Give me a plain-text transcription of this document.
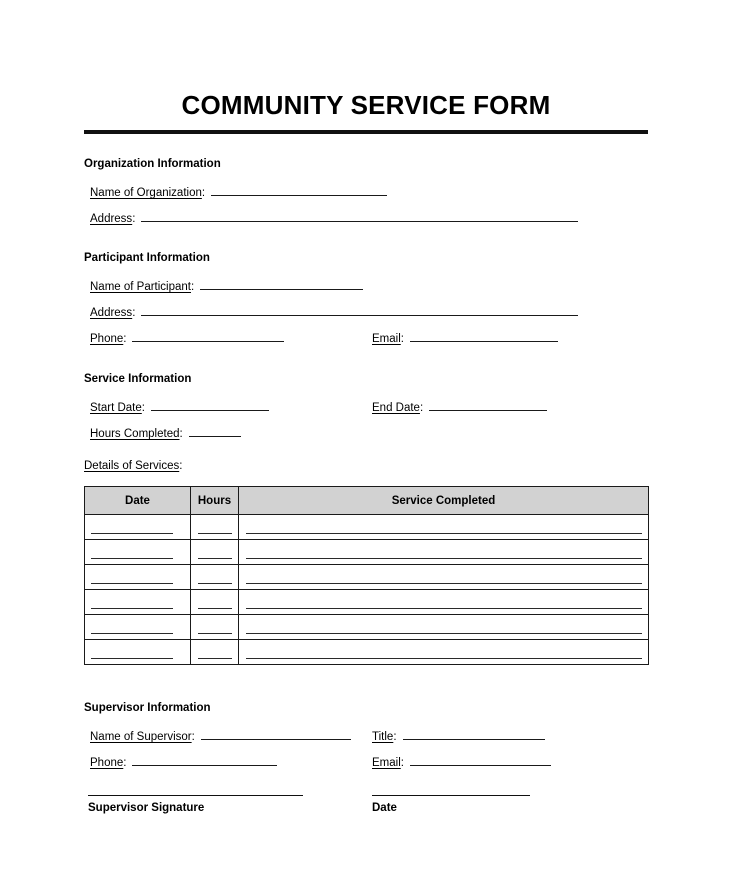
COMMUNITY SERVICE FORM
Organization Information
Name of Organization :
Address :
Participant Information
Name of Participant :
Address :
Phone :	Email :
Service Information
Start Date :	End Date :
Hours Completed :
Details of Services:
Date	Hours	Service Completed

Supervisor Information
Name of Supervisor :	Title :
Phone :	Email :
Supervisor Signature	Date
